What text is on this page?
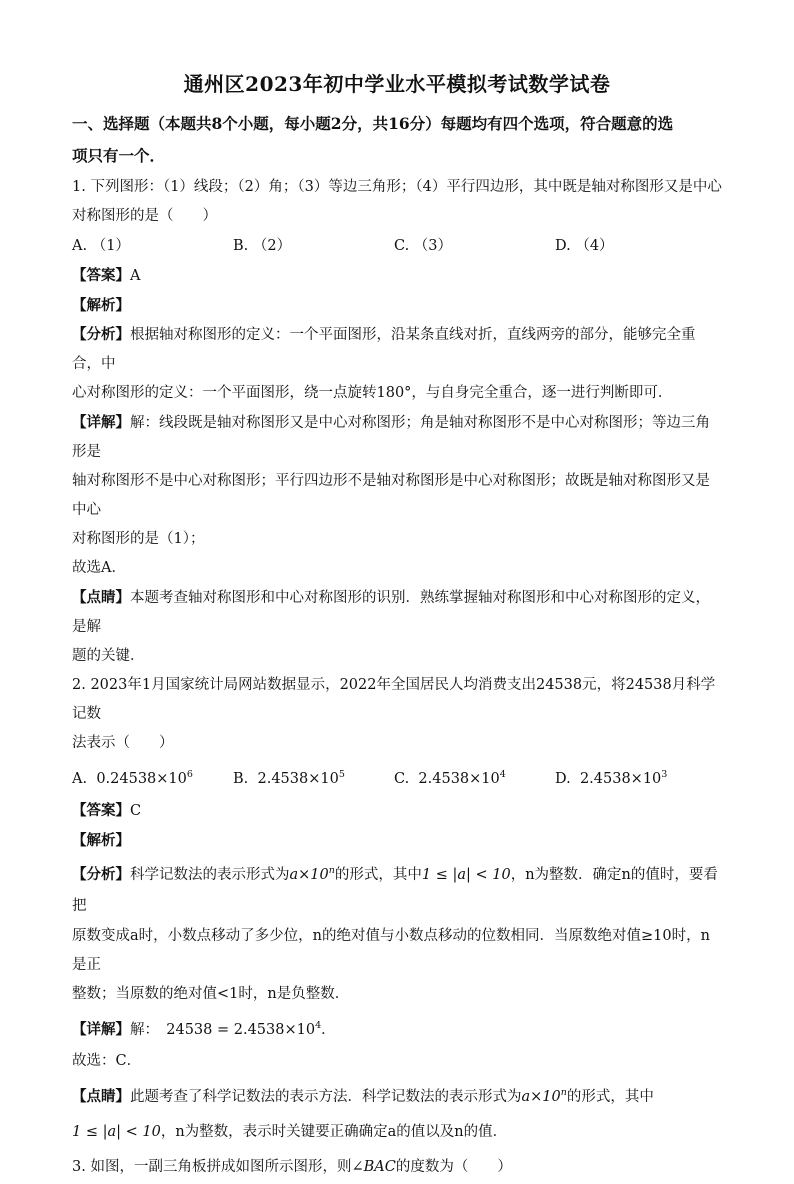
通州区2023年初中学业水平模拟考试数学试卷
一、选择题（本题共8个小题，每小题2分，共16分）每题均有四个选项，符合题意的选
项只有一个．
1. 下列图形：（1）线段；（2）角；（3）等边三角形；（4）平行四边形，其中既是轴对称图形又是中心
对称图形的是（　　）
A. （1）	B. （2）	C. （3）	D. （4）
【答案】A
【解析】
【分析】根据轴对称图形的定义：一个平面图形，沿某条直线对折，直线两旁的部分，能够完全重合，中
心对称图形的定义：一个平面图形，绕一点旋转180°，与自身完全重合，逐一进行判断即可．
【详解】解：线段既是轴对称图形又是中心对称图形；角是轴对称图形不是中心对称图形；等边三角形是
轴对称图形不是中心对称图形；平行四边形不是轴对称图形是中心对称图形；故既是轴对称图形又是中心
对称图形的是（1）；
故选A．
【点睛】本题考查轴对称图形和中心对称图形的识别．熟练掌握轴对称图形和中心对称图形的定义，是解
题的关键．
2. 2023年1月国家统计局网站数据显示，2022年全国居民人均消费支出24538元，将24538月科学记数
法表示（　　）
A. $0.24538\times 10^6$	B. $2.4538\times 10^5$	C. $2.4538\times 10^4$	D. $2.4538\times 10^3$
【答案】C
【解析】
【分析】科学记数法的表示形式为$a\times 10^n$的形式，其中1 ≤ |a| < 10，n为整数．确定n的值时，要看把
原数变成a时，小数点移动了多少位，n的绝对值与小数点移动的位数相同．当原数绝对值≥10时，n是正
整数；当原数的绝对值<1时，n是负整数．
【详解】解：　$24538 = 2.4538\times 10^4$．
故选：C．
【点睛】此题考查了科学记数法的表示方法．科学记数法的表示形式为$a\times 10^n$的形式，其中
1 ≤ |a| < 10，n为整数，表示时关键要正确确定a的值以及n的值．
3. 如图，一副三角板拼成如图所示图形，则∠BAC的度数为（　　）
